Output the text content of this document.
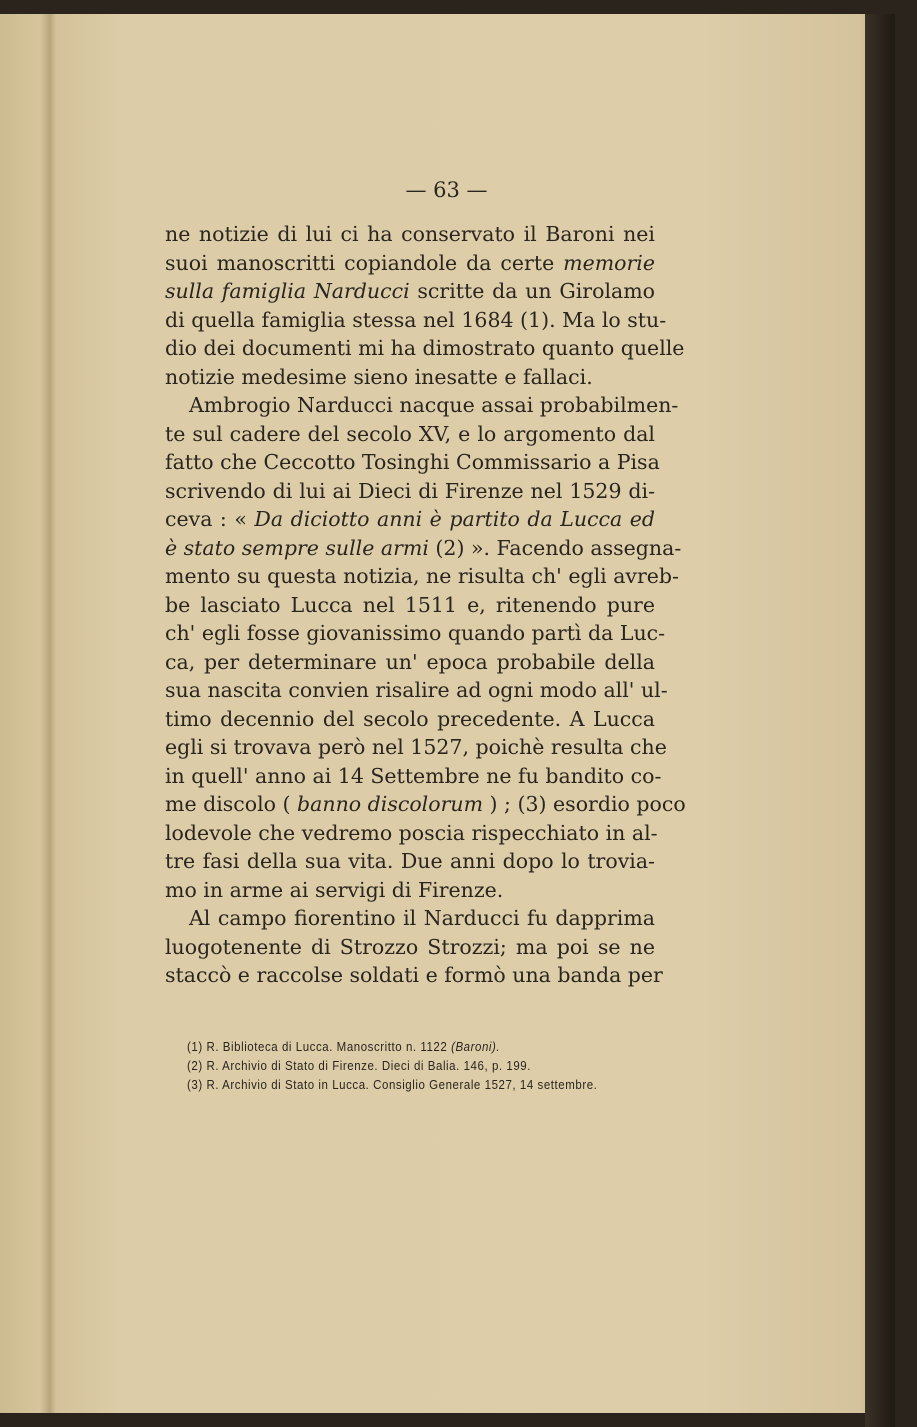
— 63 —
ne notizie di lui ci ha conservato il Baroni nei
suoi manoscritti copiandole da certe memorie
sulla famiglia Narducci scritte da un Girolamo
di quella famiglia stessa nel 1684 (1). Ma lo stu-
dio dei documenti mi ha dimostrato quanto quelle
notizie medesime sieno inesatte e fallaci.
Ambrogio Narducci nacque assai probabilmen-
te sul cadere del secolo XV, e lo argomento dal
fatto che Ceccotto Tosinghi Commissario a Pisa
scrivendo di lui ai Dieci di Firenze nel 1529 di-
ceva : « Da diciotto anni è partito da Lucca ed
è stato sempre sulle armi (2) ». Facendo assegna-
mento su questa notizia, ne risulta ch' egli avreb-
be lasciato Lucca nel 1511 e, ritenendo pure
ch' egli fosse giovanissimo quando partì da Luc-
ca, per determinare un' epoca probabile della
sua nascita convien risalire ad ogni modo all' ul-
timo decennio del secolo precedente. A Lucca
egli si trovava però nel 1527, poichè resulta che
in quell' anno ai 14 Settembre ne fu bandito co-
me discolo ( banno discolorum ) ; (3) esordio poco
lodevole che vedremo poscia rispecchiato in al-
tre fasi della sua vita. Due anni dopo lo trovia-
mo in arme ai servigi di Firenze.
Al campo fiorentino il Narducci fu dapprima
luogotenente di Strozzo Strozzi; ma poi se ne
staccò e raccolse soldati e formò una banda per
(1) R. Biblioteca di Lucca. Manoscritto n. 1122 (Baroni).
(2) R. Archivio di Stato di Firenze. Dieci di Balia. 146, p. 199.
(3) R. Archivio di Stato in Lucca. Consiglio Generale 1527, 14 settembre.
